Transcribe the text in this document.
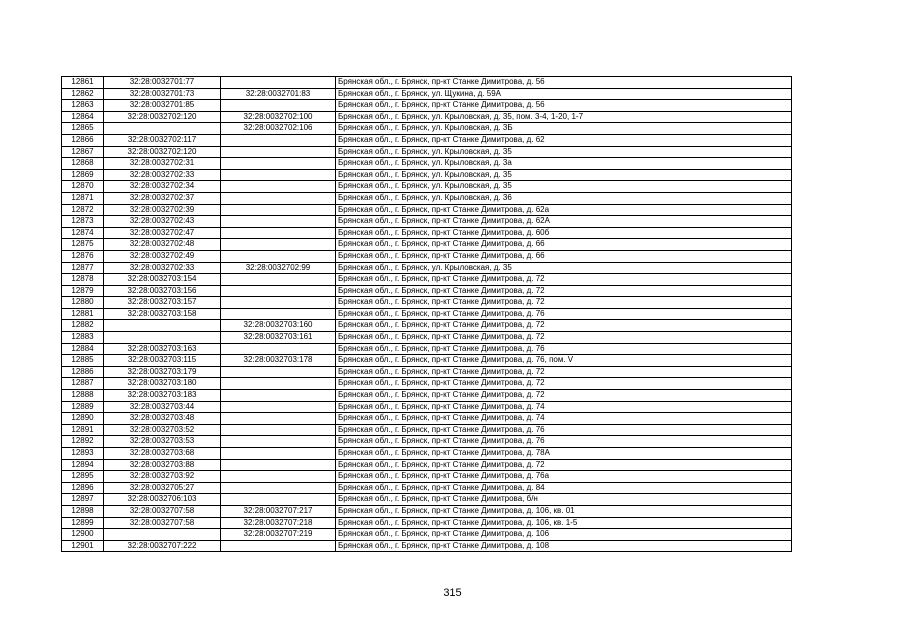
12861	32:28:0032701:77		Брянская обл., г. Брянск, пр-кт Станке Димитрова, д. 56
12862	32:28:0032701:73	32:28:0032701:83	Брянская обл., г. Брянск, ул. Щукина, д. 59А
12863	32:28:0032701:85		Брянская обл., г. Брянск, пр-кт Станке Димитрова, д. 56
12864	32:28:0032702:120	32:28:0032702:100	Брянская обл., г. Брянск, ул. Крыловская, д. 35, пом. 3-4, 1-20, 1-7
12865		32:28:0032702:106	Брянская обл., г. Брянск, ул. Крыловская, д. 3Б
12866	32:28:0032702:117		Брянская обл., г. Брянск, пр-кт Станке Димитрова, д. 62
12867	32:28:0032702:120		Брянская обл., г. Брянск, ул. Крыловская, д. 35
12868	32:28:0032702:31		Брянская обл., г. Брянск, ул. Крыловская, д. 3а
12869	32:28:0032702:33		Брянская обл., г. Брянск, ул. Крыловская, д. 35
12870	32:28:0032702:34		Брянская обл., г. Брянск, ул. Крыловская, д. 35
12871	32:28:0032702:37		Брянская обл., г. Брянск, ул. Крыловская, д. 36
12872	32:28:0032702:39		Брянская обл., г. Брянск, пр-кт Станке Димитрова, д. 62а
12873	32:28:0032702:43		Брянская обл., г. Брянск, пр-кт Станке Димитрова, д. 62А
12874	32:28:0032702:47		Брянская обл., г. Брянск, пр-кт Станке Димитрова, д. 60б
12875	32:28:0032702:48		Брянская обл., г. Брянск, пр-кт Станке Димитрова, д. 66
12876	32:28:0032702:49		Брянская обл., г. Брянск, пр-кт Станке Димитрова, д. 66
12877	32:28:0032702:33	32:28:0032702:99	Брянская обл., г. Брянск, ул. Крыловская, д. 35
12878	32:28:0032703:154		Брянская обл., г. Брянск, пр-кт Станке Димитрова, д. 72
12879	32:28:0032703:156		Брянская обл., г. Брянск, пр-кт Станке Димитрова, д. 72
12880	32:28:0032703:157		Брянская обл., г. Брянск, пр-кт Станке Димитрова, д. 72
12881	32:28:0032703:158		Брянская обл., г. Брянск, пр-кт Станке Димитрова, д. 76
12882		32:28:0032703:160	Брянская обл., г. Брянск, пр-кт Станке Димитрова, д. 72
12883		32:28:0032703:161	Брянская обл., г. Брянск, пр-кт Станке Димитрова, д. 72
12884	32:28:0032703:163		Брянская обл., г. Брянск, пр-кт Станке Димитрова, д. 76
12885	32:28:0032703:115	32:28:0032703:178	Брянская обл., г. Брянск, пр-кт Станке Димитрова, д. 76, пом. V
12886	32:28:0032703:179		Брянская обл., г. Брянск, пр-кт Станке Димитрова, д. 72
12887	32:28:0032703:180		Брянская обл., г. Брянск, пр-кт Станке Димитрова, д. 72
12888	32:28:0032703:183		Брянская обл., г. Брянск, пр-кт Станке Димитрова, д. 72
12889	32:28:0032703:44		Брянская обл., г. Брянск, пр-кт Станке Димитрова, д. 74
12890	32:28:0032703:48		Брянская обл., г. Брянск, пр-кт Станке Димитрова, д. 74
12891	32:28:0032703:52		Брянская обл., г. Брянск, пр-кт Станке Димитрова, д. 76
12892	32:28:0032703:53		Брянская обл., г. Брянск, пр-кт Станке Димитрова, д. 76
12893	32:28:0032703:68		Брянская обл., г. Брянск, пр-кт Станке Димитрова, д. 78А
12894	32:28:0032703:88		Брянская обл., г. Брянск, пр-кт Станке Димитрова, д. 72
12895	32:28:0032703:92		Брянская обл., г. Брянск, пр-кт Станке Димитрова, д. 76а
12896	32:28:0032705:27		Брянская обл., г. Брянск, пр-кт Станке Димитрова, д. 84
12897	32:28:0032706:103		Брянская обл., г. Брянск, пр-кт Станке Димитрова, б/н
12898	32:28:0032707:58	32:28:0032707:217	Брянская обл., г. Брянск, пр-кт Станке Димитрова, д. 106, кв. 01
12899	32:28:0032707:58	32:28:0032707:218	Брянская обл., г. Брянск, пр-кт Станке Димитрова, д. 106, кв. 1-5
12900		32:28:0032707:219	Брянская обл., г. Брянск, пр-кт Станке Димитрова, д. 106
12901	32:28:0032707:222		Брянская обл., г. Брянск, пр-кт Станке Димитрова, д. 108
315
